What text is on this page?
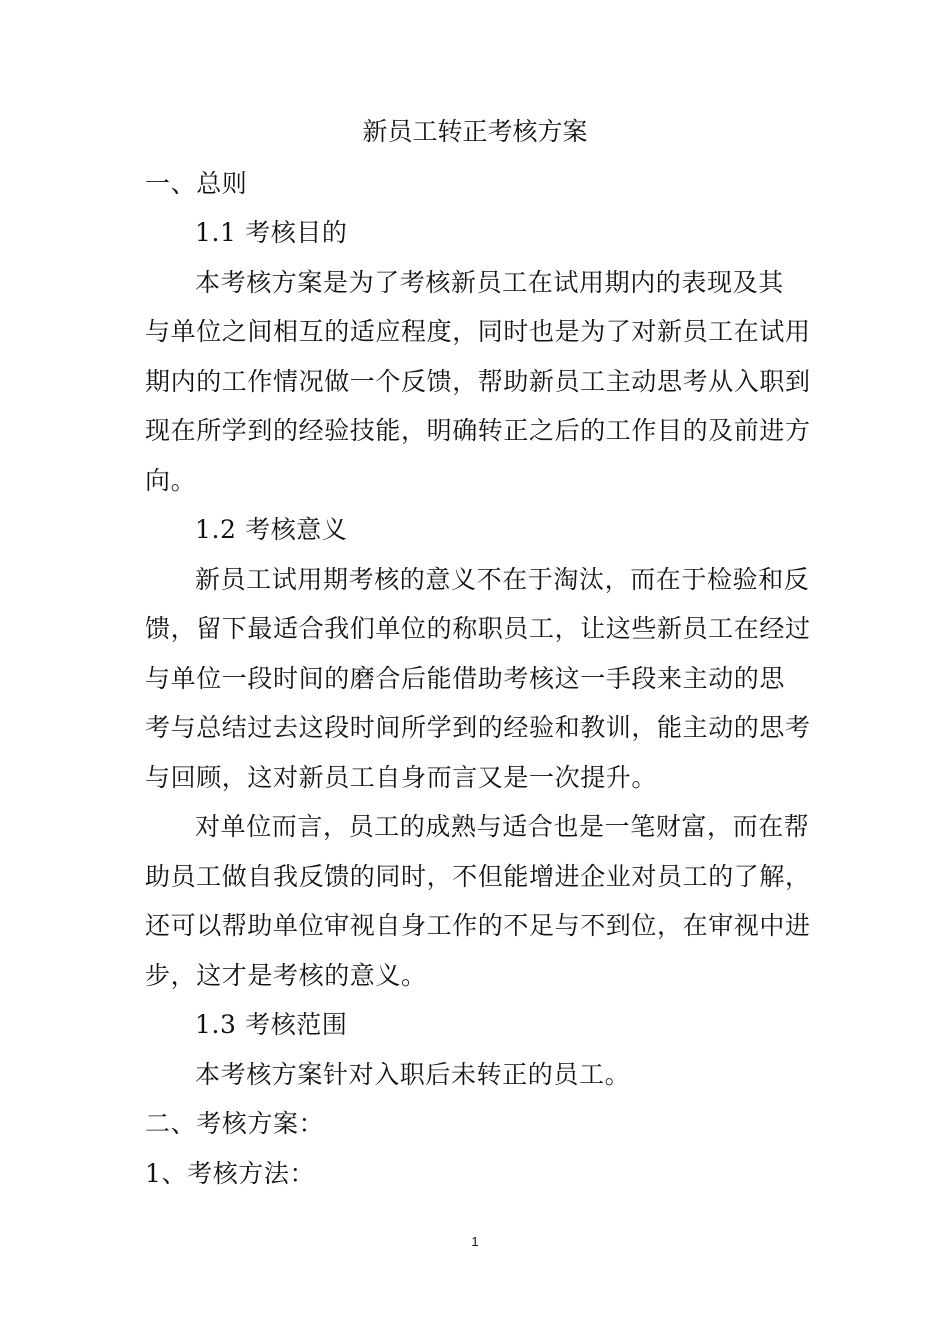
新员工转正考核方案
一、总则
1.1 考核目的
本考核方案是为了考核新员工在试用期内的表现及其
与单位之间相互的适应程度，同时也是为了对新员工在试用
期内的工作情况做一个反馈，帮助新员工主动思考从入职到
现在所学到的经验技能，明确转正之后的工作目的及前进方
向。
1.2 考核意义
新员工试用期考核的意义不在于淘汰，而在于检验和反
馈，留下最适合我们单位的称职员工，让这些新员工在经过
与单位一段时间的磨合后能借助考核这一手段来主动的思
考与总结过去这段时间所学到的经验和教训，能主动的思考
与回顾，这对新员工自身而言又是一次提升。
对单位而言，员工的成熟与适合也是一笔财富，而在帮
助员工做自我反馈的同时，不但能增进企业对员工的了解，
还可以帮助单位审视自身工作的不足与不到位，在审视中进
步，这才是考核的意义。
1.3 考核范围
本考核方案针对入职后未转正的员工。
二、考核方案：
1、考核方法：
1
